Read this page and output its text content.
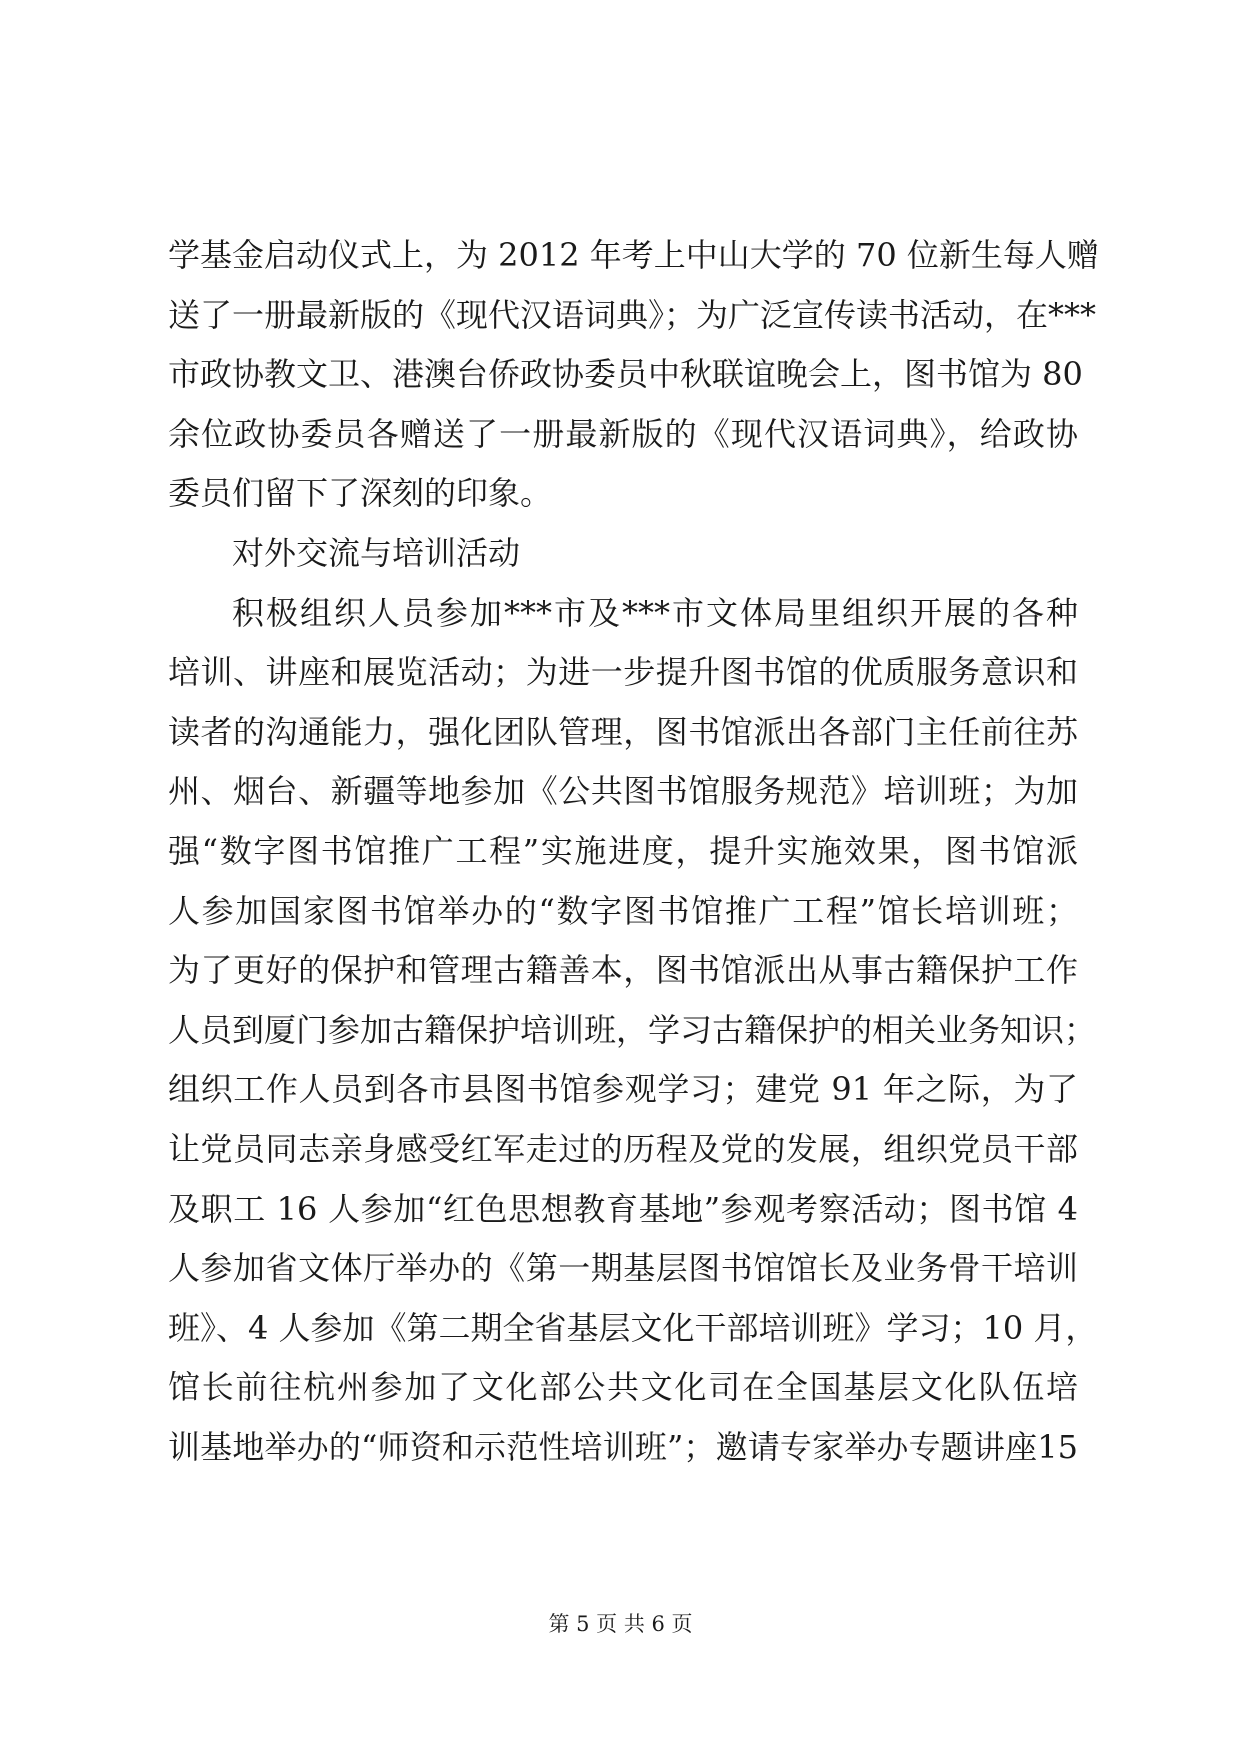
学基金启动仪式上，为 2012 年考上中山大学的 70 位新生每人赠
送了一册最新版的《现代汉语词典》；为广泛宣传读书活动，在***
市政协教文卫、港澳台侨政协委员中秋联谊晚会上，图书馆为 80
余位政协委员各赠送了一册最新版的《现代汉语词典》，给政协
委员们留下了深刻的印象。
对外交流与培训活动
积极组织人员参加***市及***市文体局里组织开展的各种
培训、讲座和展览活动；为进一步提升图书馆的优质服务意识和
读者的沟通能力，强化团队管理，图书馆派出各部门主任前往苏
州、烟台、新疆等地参加《公共图书馆服务规范》培训班；为加
强“数字图书馆推广工程”实施进度，提升实施效果，图书馆派
人参加国家图书馆举办的“数字图书馆推广工程”馆长培训班；
为了更好的保护和管理古籍善本，图书馆派出从事古籍保护工作
人员到厦门参加古籍保护培训班，学习古籍保护的相关业务知识；
组织工作人员到各市县图书馆参观学习；建党 91 年之际，为了
让党员同志亲身感受红军走过的历程及党的发展，组织党员干部
及职工 16 人参加“红色思想教育基地”参观考察活动；图书馆 4
人参加省文体厅举办的《第一期基层图书馆馆长及业务骨干培训
班》、4 人参加《第二期全省基层文化干部培训班》学习；10 月，
馆长前往杭州参加了文化部公共文化司在全国基层文化队伍培
训基地举办的“师资和示范性培训班”；邀请专家举办专题讲座15
第 5 页 共 6 页
